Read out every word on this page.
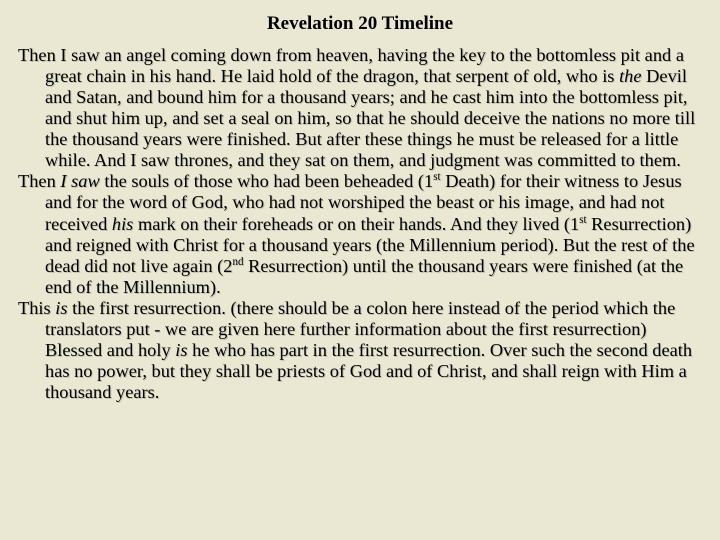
Revelation 20 Timeline

Then I saw an angel coming down from heaven, having the key to the bottomless pit and a great chain in his hand. He laid hold of the dragon, that serpent of old, who is the Devil and Satan, and bound him for a thousand years; and he cast him into the bottomless pit, and shut him up, and set a seal on him, so that he should deceive the nations no more till the thousand years were finished. But after these things he must be released for a little while. And I saw thrones, and they sat on them, and judgment was committed to them.

Then I saw the souls of those who had been beheaded (1st Death) for their witness to Jesus and for the word of God, who had not worshiped the beast or his image, and had not received his mark on their foreheads or on their hands. And they lived (1st Resurrection) and reigned with Christ for a thousand years (the Millennium period). But the rest of the dead did not live again (2nd Resurrection) until the thousand years were finished (at the end of the Millennium).

This is the first resurrection. (there should be a colon here instead of the period which the translators put - we are given here further information about the first resurrection) Blessed and holy is he who has part in the first resurrection. Over such the second death has no power, but they shall be priests of God and of Christ, and shall reign with Him a thousand years.
